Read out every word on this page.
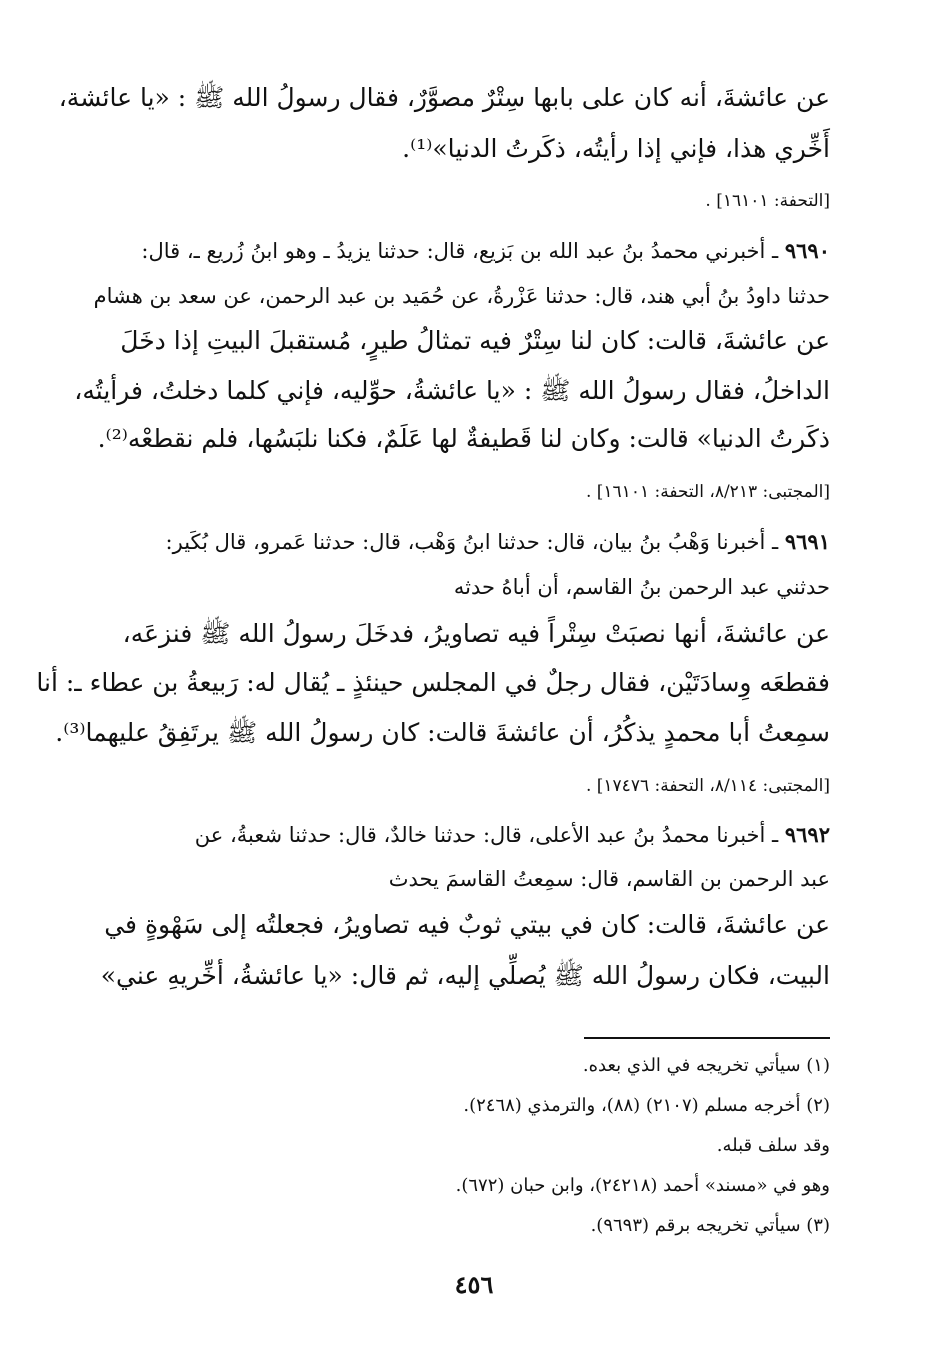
عن عائشةَ، أنه كان على بابها سِتْرٌ مصوَّرٌ، فقال رسولُ الله ﷺ : «يا عائشة،
أَخِّري هذا، فإني إذا رأيتُه، ذكَرتُ الدنيا»⁽¹⁾.
[التحفة: ١٦١٠١] .
٩٦٩٠ ـ أخبرني محمدُ بنُ عبد الله بن بَزيع، قال: حدثنا يزيدُ ـ وهو ابنُ زُريع ـ، قال:
حدثنا داودُ بنُ أبي هند، قال: حدثنا عَزْرةُ، عن حُمَيد بن عبد الرحمن، عن سعد بن هشام
عن عائشةَ، قالت: كان لنا سِتْرٌ فيه تمثالُ طيرٍ، مُستقبلَ البيتِ إذا دخَلَ
الداخلُ، فقال رسولُ الله ﷺ : «يا عائشةُ، حوِّليه، فإني كلما دخلتُ، فرأيتُه،
ذكَرتُ الدنيا» قالت: وكان لنا قَطيفةٌ لها عَلَمٌ، فكنا نلبَسُها، فلم نقطعْه⁽²⁾.
[المجتبى: ٨/٢١٣، التحفة: ١٦١٠١] .
٩٦٩١ ـ أخبرنا وَهْبُ بنُ بيان، قال: حدثنا ابنُ وَهْب، قال: حدثنا عَمرو، قال بُكَير:
حدثني عبد الرحمن بنُ القاسم، أن أباهُ حدثه
عن عائشةَ، أنها نصبَتْ سِتْراً فيه تصاويرُ، فدخَلَ رسولُ الله ﷺ فنزعَه،
فقطعَه وِسادَتَيْن، فقال رجلٌ في المجلس حينئذٍ ـ يُقال له: رَبيعةُ بن عطاء ـ: أنا
سمِعتُ أبا محمدٍ يذكُرُ، أن عائشةَ قالت: كان رسولُ الله ﷺ يرتَفِقُ عليهما⁽³⁾.
[المجتبى: ٨/١١٤، التحفة: ١٧٤٧٦] .
٩٦٩٢ ـ أخبرنا محمدُ بنُ عبد الأعلى، قال: حدثنا خالدٌ، قال: حدثنا شعبةُ، عن
عبد الرحمن بن القاسم، قال: سمِعتُ القاسمَ يحدث
عن عائشةَ، قالت: كان في بيتي ثوبٌ فيه تصاويرُ، فجعلتُه إلى سَهْوةٍ في
البيت، فكان رسولُ الله ﷺ يُصلِّي إليه، ثم قال: «يا عائشةُ، أخِّريهِ عني»
(١) سيأتي تخريجه في الذي بعده.
(٢) أخرجه مسلم (٢١٠٧) (٨٨)، والترمذي (٢٤٦٨).
وقد سلف قبله.
وهو في «مسند» أحمد (٢٤٢١٨)، وابن حبان (٦٧٢).
(٣) سيأتي تخريجه برقم (٩٦٩٣).
٤٥٦
